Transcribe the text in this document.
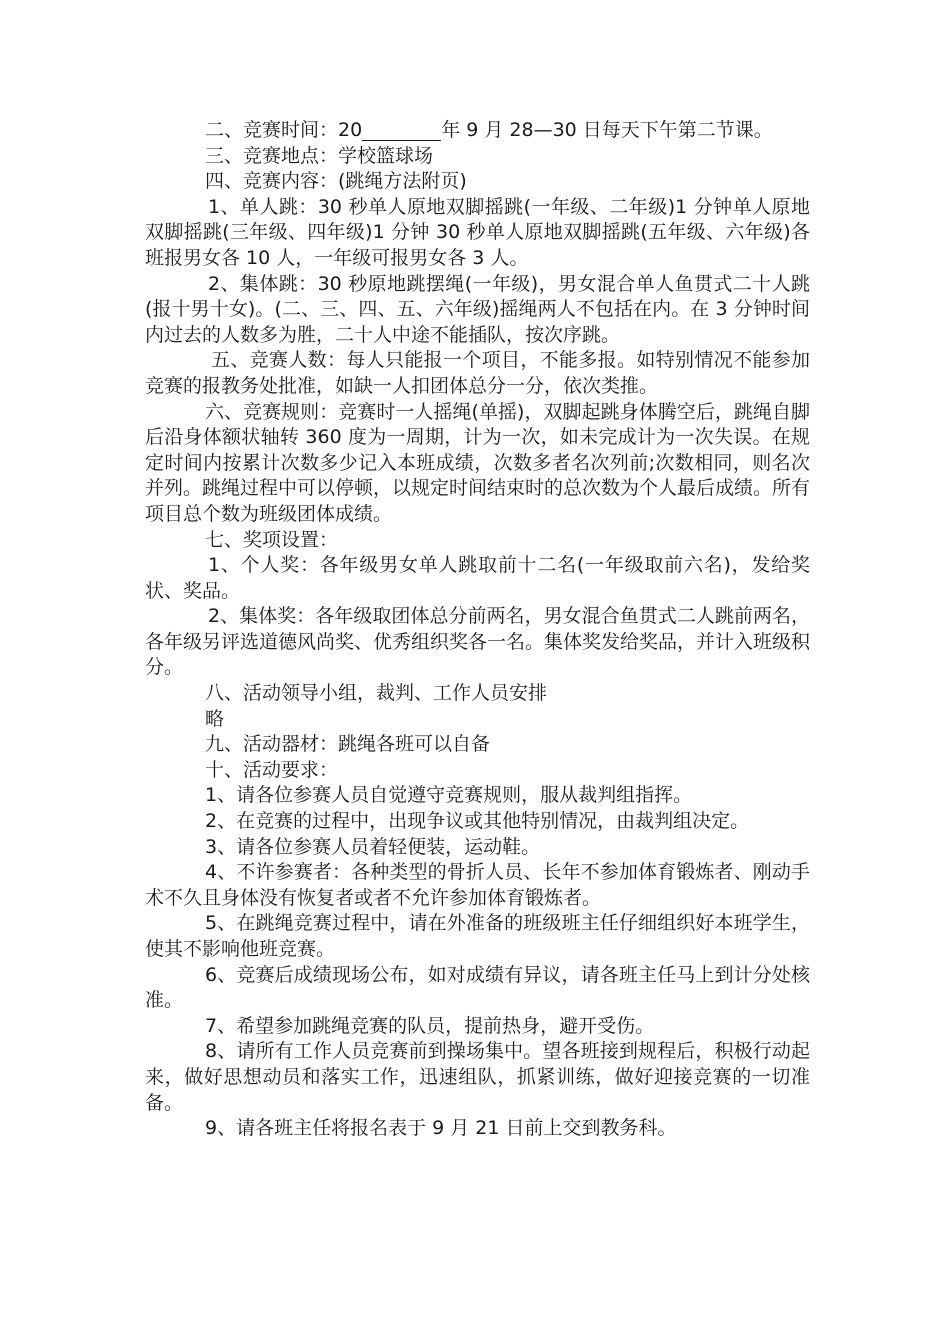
二、竞赛时间：20	年 9 月 28—30 日每天下午第二节课。

三、竞赛地点：学校篮球场

四、竞赛内容：(跳绳方法附页)

1、单人跳：30 秒单人原地双脚摇跳(一年级、二年级)1 分钟单人原地双脚摇跳(三年级、四年级)1 分钟 30 秒单人原地双脚摇跳(五年级、六年级)各班报男女各 10 人，一年级可报男女各 3 人。

2、集体跳：30 秒原地跳摆绳(一年级)，男女混合单人鱼贯式二十人跳(报十男十女)。(二、三、四、五、六年级)摇绳两人不包括在内。在 3 分钟时间内过去的人数多为胜，二十人中途不能插队，按次序跳。

五、竞赛人数：每人只能报一个项目，不能多报。如特别情况不能参加竞赛的报教务处批准，如缺一人扣团体总分一分，依次类推。

六、竞赛规则：竞赛时一人摇绳(单摇)，双脚起跳身体腾空后，跳绳自脚后沿身体额状轴转 360 度为一周期，计为一次，如未完成计为一次失误。在规定时间内按累计次数多少记入本班成绩，次数多者名次列前;次数相同，则名次并列。跳绳过程中可以停顿，以规定时间结束时的总次数为个人最后成绩。所有项目总个数为班级团体成绩。

七、奖项设置：

1、个人奖：各年级男女单人跳取前十二名(一年级取前六名)，发给奖状、奖品。

2、集体奖：各年级取团体总分前两名，男女混合鱼贯式二人跳前两名，各年级另评选道德风尚奖、优秀组织奖各一名。集体奖发给奖品，并计入班级积分。

八、活动领导小组，裁判、工作人员安排

略

九、活动器材：跳绳各班可以自备

十、活动要求：

1、请各位参赛人员自觉遵守竞赛规则，服从裁判组指挥。

2、在竞赛的过程中，出现争议或其他特别情况，由裁判组决定。

3、请各位参赛人员着轻便装，运动鞋。

4、不许参赛者：各种类型的骨折人员、长年不参加体育锻炼者、刚动手术不久且身体没有恢复者或者不允许参加体育锻炼者。

5、在跳绳竞赛过程中，请在外准备的班级班主任仔细组织好本班学生，使其不影响他班竞赛。

6、竞赛后成绩现场公布，如对成绩有异议，请各班主任马上到计分处核准。

7、希望参加跳绳竞赛的队员，提前热身，避开受伤。

8、请所有工作人员竞赛前到操场集中。望各班接到规程后，积极行动起来，做好思想动员和落实工作，迅速组队，抓紧训练，做好迎接竞赛的一切准备。

9、请各班主任将报名表于 9 月 21 日前上交到教务科。
